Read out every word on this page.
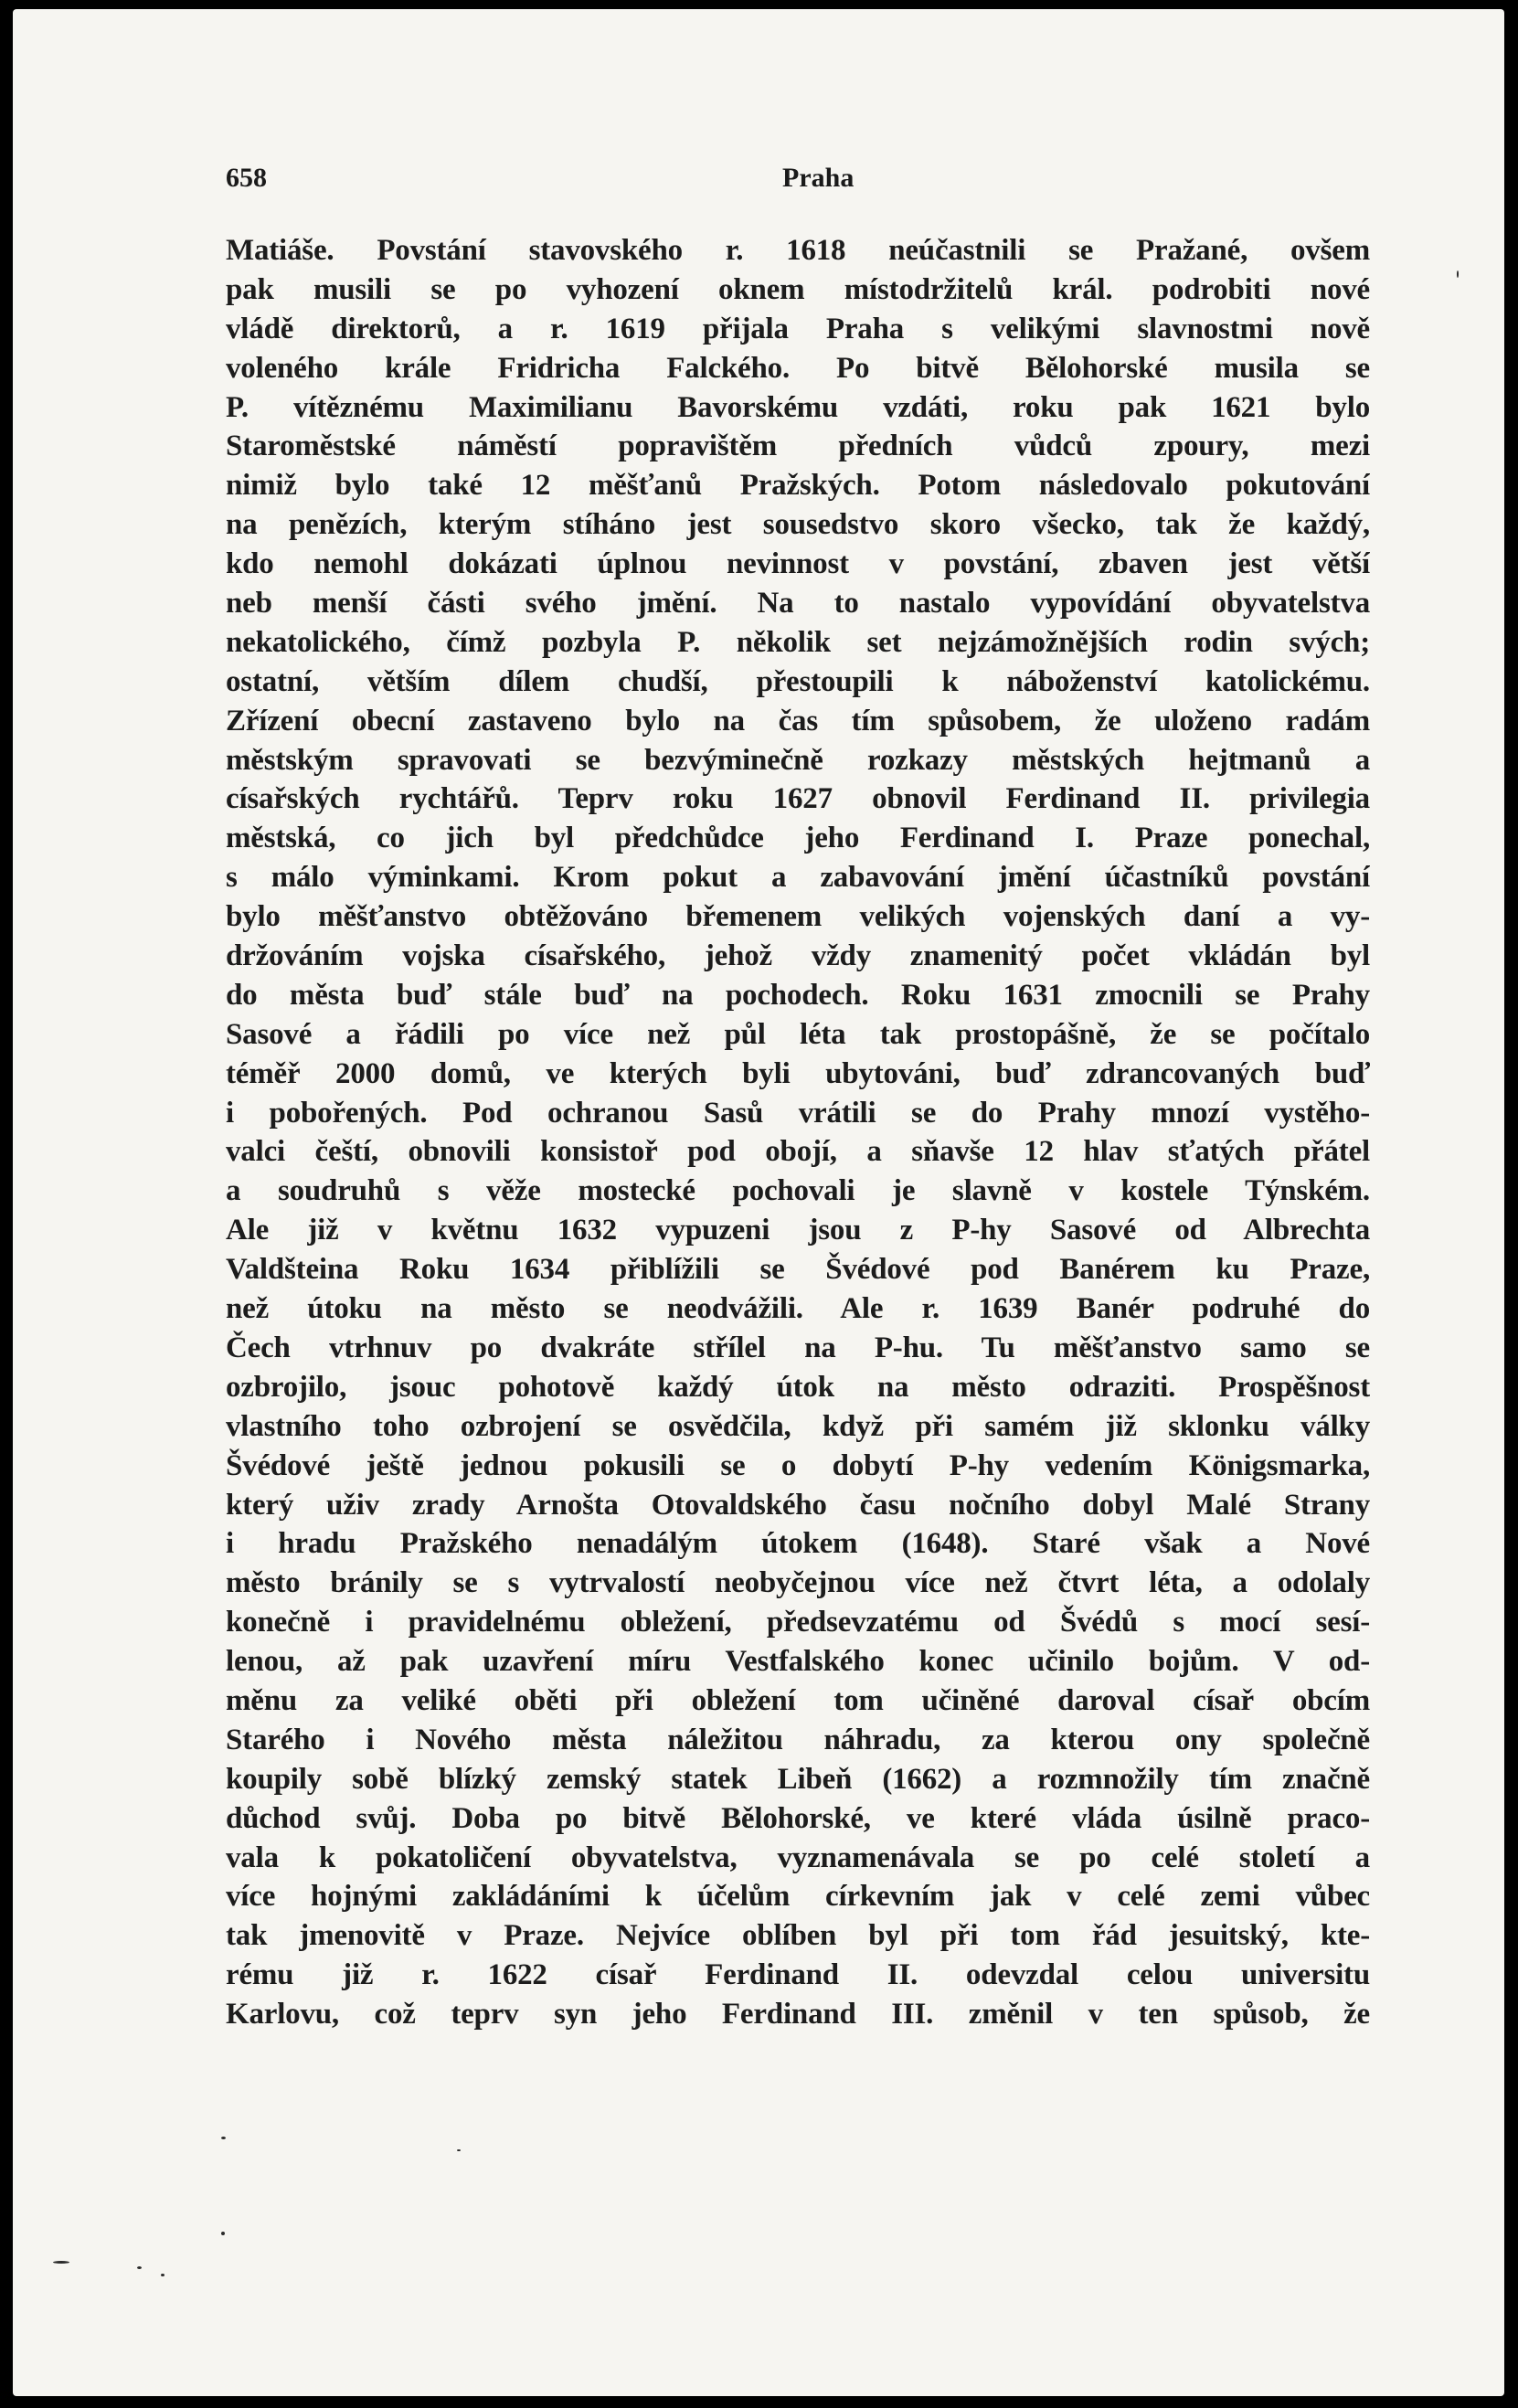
658	Praha
Matiáše. Povstání stavovského r. 1618 neúčastnili se Pražané, ovšem
pak musili se po vyhození oknem místodržitelů král. podrobiti nové
vládě direktorů, a r. 1619 přijala Praha s velikými slavnostmi nově
voleného krále Fridricha Falckého. Po bitvě Bělohorské musila se
P. vítěznému Maximilianu Bavorskému vzdáti, roku pak 1621 bylo
Staroměstské náměstí popravištěm předních vůdců zpoury, mezi
nimiž bylo také 12 měšťanů Pražských. Potom následovalo pokutování
na penězích, kterým stíháno jest sousedstvo skoro všecko, tak že každý,
kdo nemohl dokázati úplnou nevinnost v povstání, zbaven jest větší
neb menší části svého jmění. Na to nastalo vypovídání obyvatelstva
nekatolického, čímž pozbyla P. několik set nejzámožnějších rodin svých;
ostatní, větším dílem chudší, přestoupili k náboženství katolickému.
Zřízení obecní zastaveno bylo na čas tím spůsobem, že uloženo radám
městským spravovati se bezvýminečně rozkazy městských hejtmanů a
císařských rychtářů. Teprv roku 1627 obnovil Ferdinand II. privilegia
městská, co jich byl předchůdce jeho Ferdinand I. Praze ponechal,
s málo výminkami. Krom pokut a zabavování jmění účastníků povstání
bylo měšťanstvo obtěžováno břemenem velikých vojenských daní a vy-
držováním vojska císařského, jehož vždy znamenitý počet vkládán byl
do města buď stále buď na pochodech. Roku 1631 zmocnili se Prahy
Sasové a řádili po více než půl léta tak prostopášně, že se počítalo
téměř 2000 domů, ve kterých byli ubytováni, buď zdrancovaných buď
i pobořených. Pod ochranou Sasů vrátili se do Prahy mnozí vystěho-
valci čeští, obnovili konsistoř pod obojí, a sňavše 12 hlav sťatých přátel
a soudruhů s věže mostecké pochovali je slavně v kostele Týnském.
Ale již v květnu 1632 vypuzeni jsou z P-hy Sasové od Albrechta
Valdšteina Roku 1634 přiblížili se Švédové pod Banérem ku Praze,
než útoku na město se neodvážili. Ale r. 1639 Banér podruhé do
Čech vtrhnuv po dvakráte střílel na P-hu. Tu měšťanstvo samo se
ozbrojilo, jsouc pohotově každý útok na město odraziti. Prospěšnost
vlastního toho ozbrojení se osvědčila, když při samém již sklonku války
Švédové ještě jednou pokusili se o dobytí P-hy vedením Königsmarka,
který uživ zrady Arnošta Otovaldského času nočního dobyl Malé Strany
i hradu Pražského nenadálým útokem (1648). Staré však a Nové
město bránily se s vytrvalostí neobyčejnou více než čtvrt léta, a odolaly
konečně i pravidelnému obležení, předsevzatému od Švédů s mocí sesí-
lenou, až pak uzavření míru Vestfalského konec učinilo bojům. V od-
měnu za veliké oběti při obležení tom učiněné daroval císař obcím
Starého i Nového města náležitou náhradu, za kterou ony společně
koupily sobě blízký zemský statek Libeň (1662) a rozmnožily tím značně
důchod svůj. Doba po bitvě Bělohorské, ve které vláda úsilně praco-
vala k pokatoličení obyvatelstva, vyznamenávala se po celé století a
více hojnými zakládáními k účelům církevním jak v celé zemi vůbec
tak jmenovitě v Praze. Nejvíce oblíben byl při tom řád jesuitský, kte-
rému již r. 1622 císař Ferdinand II. odevzdal celou universitu
Karlovu, což teprv syn jeho Ferdinand III. změnil v ten spůsob, že
